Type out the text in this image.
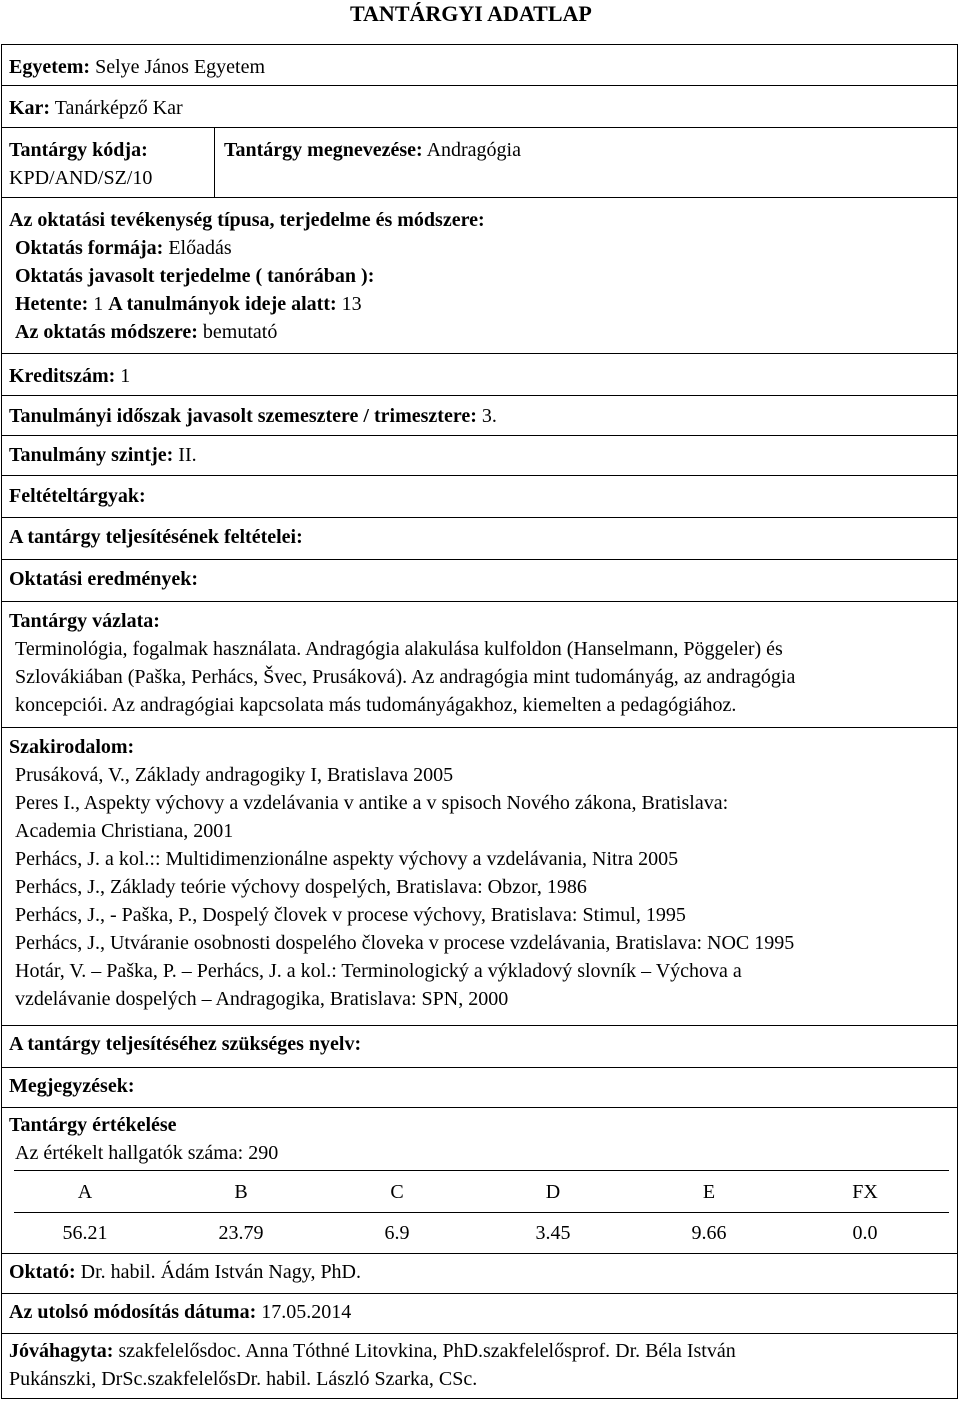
TANTÁRGYI ADATLAP
Egyetem: Selye János Egyetem
Kar: Tanárképző Kar
Tantárgy kódja:
KPD/AND/SZ/10
Tantárgy megnevezése: Andragógia
Az oktatási tevékenység típusa, terjedelme és módszere:
Oktatás formája: Előadás
Oktatás javasolt terjedelme ( tanórában ):
Hetente: 1 A tanulmányok ideje alatt: 13
Az oktatás módszere: bemutató
Kreditszám: 1
Tanulmányi időszak javasolt szemesztere / trimesztere: 3.
Tanulmány szintje: II.
Feltételtárgyak:
A tantárgy teljesítésének feltételei:
Oktatási eredmények:
Tantárgy vázlata:
Terminológia, fogalmak használata. Andragógia alakulása kulfoldon (Hanselmann, Pöggeler) és
Szlovákiában (Paška, Perhács, Švec, Prusáková). Az andragógia mint tudományág, az andragógia
koncepciói. Az andragógiai kapcsolata más tudományágakhoz, kiemelten a pedagógiához.
Szakirodalom:
Prusáková, V., Základy andragogiky I, Bratislava 2005
Peres I., Aspekty výchovy a vzdelávania v antike a v spisoch Nového zákona, Bratislava:
Academia Christiana, 2001
Perhács, J. a kol.:: Multidimenzionálne aspekty výchovy a vzdelávania, Nitra 2005
Perhács, J., Základy teórie výchovy dospelých, Bratislava: Obzor, 1986
Perhács, J., - Paška, P., Dospelý človek v procese výchovy, Bratislava: Stimul, 1995
Perhács, J., Utváranie osobnosti dospelého človeka v procese vzdelávania, Bratislava: NOC 1995
Hotár, V. – Paška, P. – Perhács, J. a kol.: Terminologický a výkladový slovník – Výchova a
vzdelávanie dospelých – Andragogika, Bratislava: SPN, 2000
A tantárgy teljesítéséhez szükséges nyelv:
Megjegyzések:
Tantárgy értékelése
Az értékelt hallgatók száma: 290
A	B	C	D	E	FX
56.21	23.79	6.9	3.45	9.66	0.0
Oktató: Dr. habil. Ádám István Nagy, PhD.
Az utolsó módosítás dátuma: 17.05.2014
Jóváhagyta: szakfelelősdoc. Anna Tóthné Litovkina, PhD.szakfelelősprof. Dr. Béla István
Pukánszki, DrSc.szakfelelősDr. habil. László Szarka, CSc.
